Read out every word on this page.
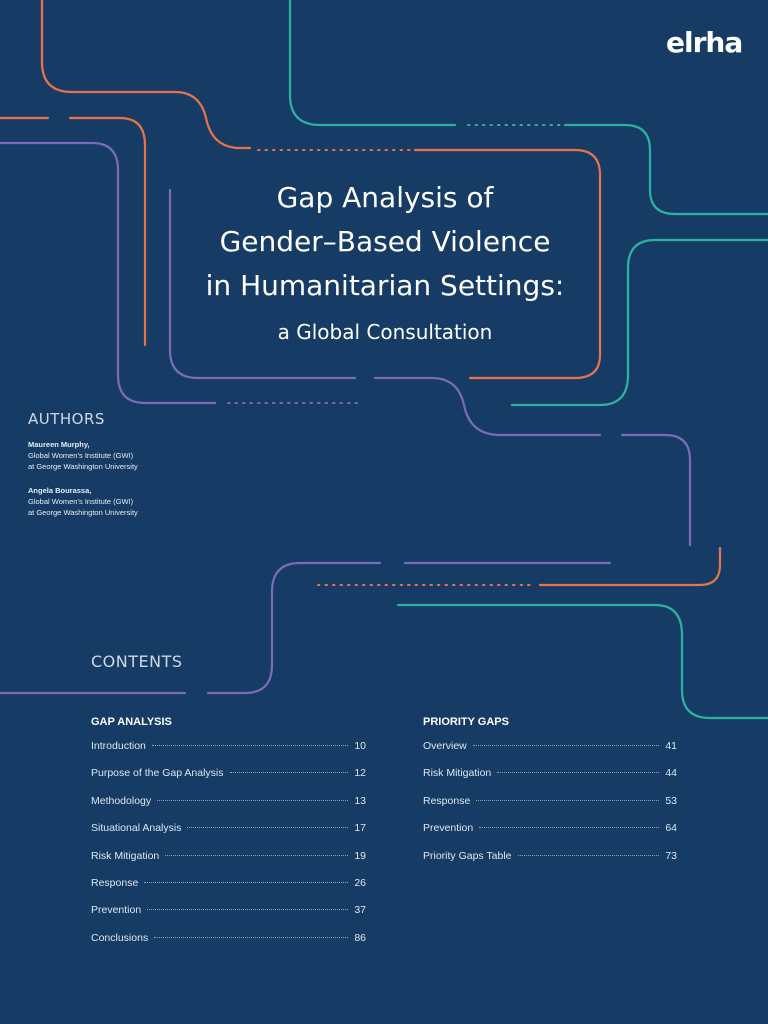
elrha
Gap Analysis of
Gender–Based Violence
in Humanitarian Settings:
a Global Consultation
AUTHORS
Maureen Murphy,
Global Women’s Institute (GWI)
at George Washington University
Angela Bourassa,
Global Women’s Institute (GWI)
at George Washington University
CONTENTS
GAP ANALYSIS
Introduction	10
Purpose of the Gap Analysis	12
Methodology	13
Situational Analysis	17
Risk Mitigation	19
Response	26
Prevention	37
Conclusions	86
PRIORITY GAPS
Overview	41
Risk Mitigation	44
Response	53
Prevention	64
Priority Gaps Table	73
